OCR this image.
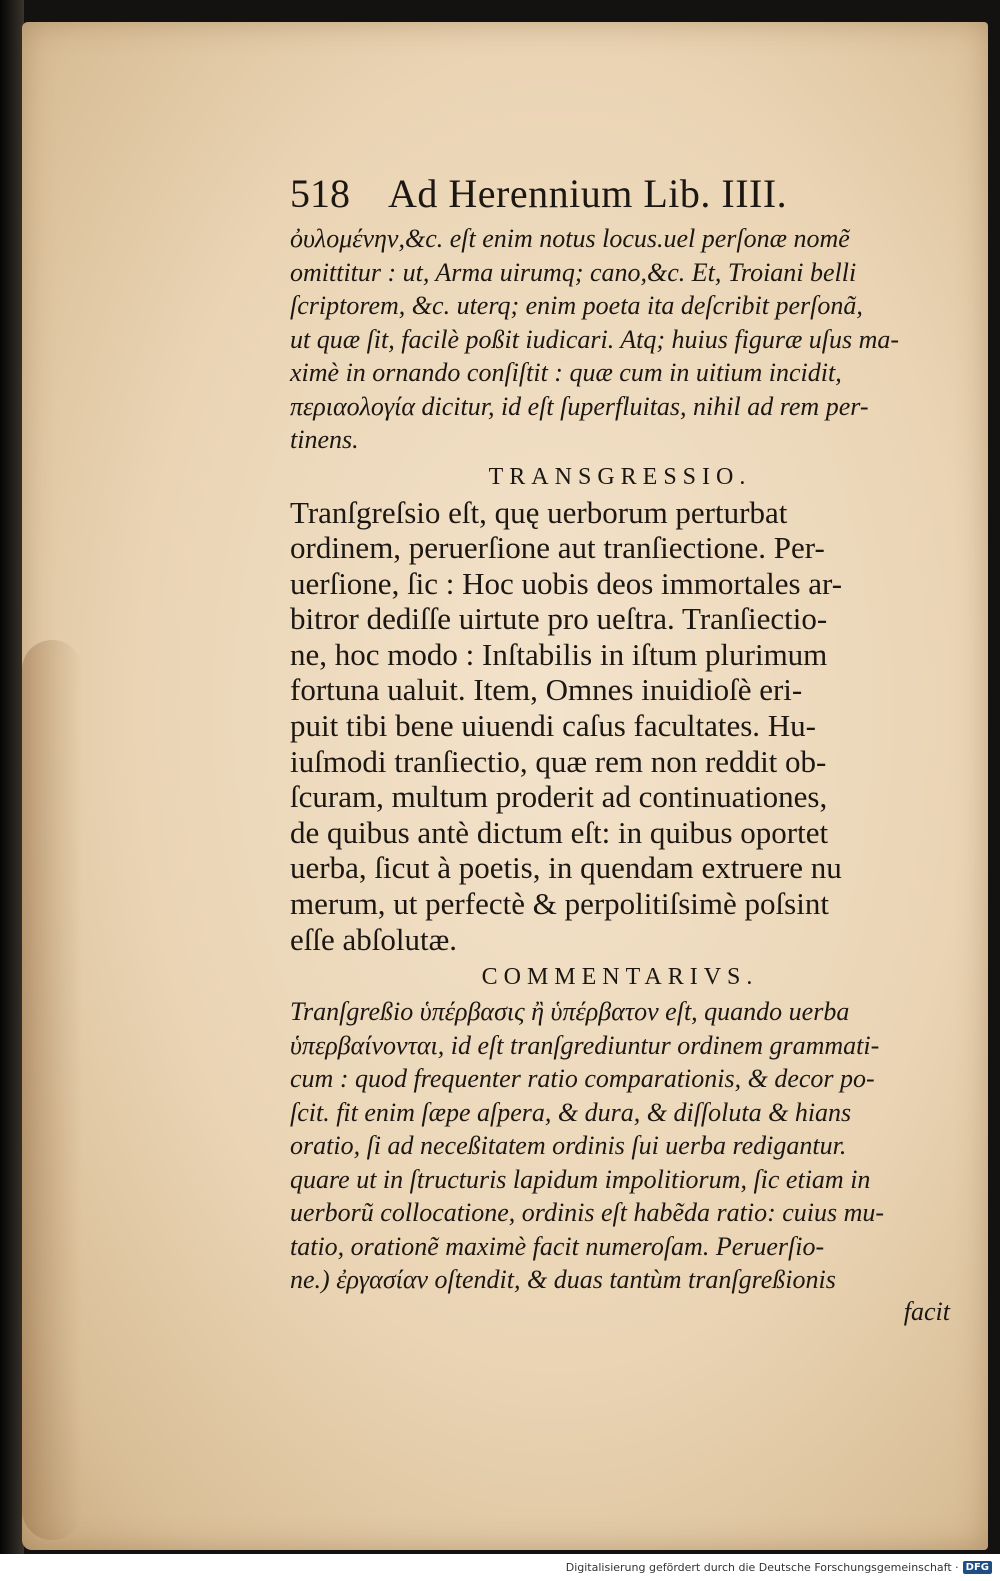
518 Ad Herennium Lib. IIII.
ὀυλομένην,&c. eſt enim notus locus.uel perſonæ nomẽ
omittitur : ut, Arma uirumq; cano,&c. Et, Troiani belli
ſcriptorem, &c. uterq; enim poeta ita deſcribit perſonã,
ut quæ ſit, facilè poßit iudicari. Atq; huius figuræ uſus ma-
ximè in ornando conſiſtit : quæ cum in uitium incidit,
περιαολογία dicitur, id eſt ſuperfluitas, nihil ad rem per-
tinens.
TRANSGRESSIO.
Tranſgreſsio eſt, quę uerborum perturbat
ordinem, peruerſione aut tranſiectione. Per-
uerſione, ſic : Hoc uobis deos immortales ar-
bitror dediſſe uirtute pro ueſtra. Tranſiectio-
ne, hoc modo : Inſtabilis in iſtum plurimum
fortuna ualuit. Item, Omnes inuidioſè eri-
puit tibi bene uiuendi caſus facultates. Hu-
iuſmodi tranſiectio, quæ rem non reddit ob-
ſcuram, multum proderit ad continuationes,
de quibus antè dictum eſt: in quibus oportet
uerba, ſicut à poetis, in quendam extruere nu
merum, ut perfectè & perpolitiſsimè poſsint
eſſe abſolutæ.
COMMENTARIVS.
Tranſgreßio ὑπέρβασις ἢ ὑπέρβατον eſt, quando uerba
ὑπερβαίνονται, id eſt tranſgrediuntur ordinem grammati-
cum : quod frequenter ratio comparationis, & decor po-
ſcit. fit enim ſæpe aſpera, & dura, & diſſoluta & hians
oratio, ſi ad neceßitatem ordinis ſui uerba redigantur.
quare ut in ſtructuris lapidum impolitiorum, ſic etiam in
uerborũ collocatione, ordinis eſt habẽda ratio: cuius mu-
tatio, orationẽ maximè facit numeroſam. Peruerſio-
ne.) ἐργασίαν oſtendit, & duas tantùm tranſgreßionis
facit
Digitalisierung gefördert durch die Deutsche Forschungsgemeinschaft · DFG
